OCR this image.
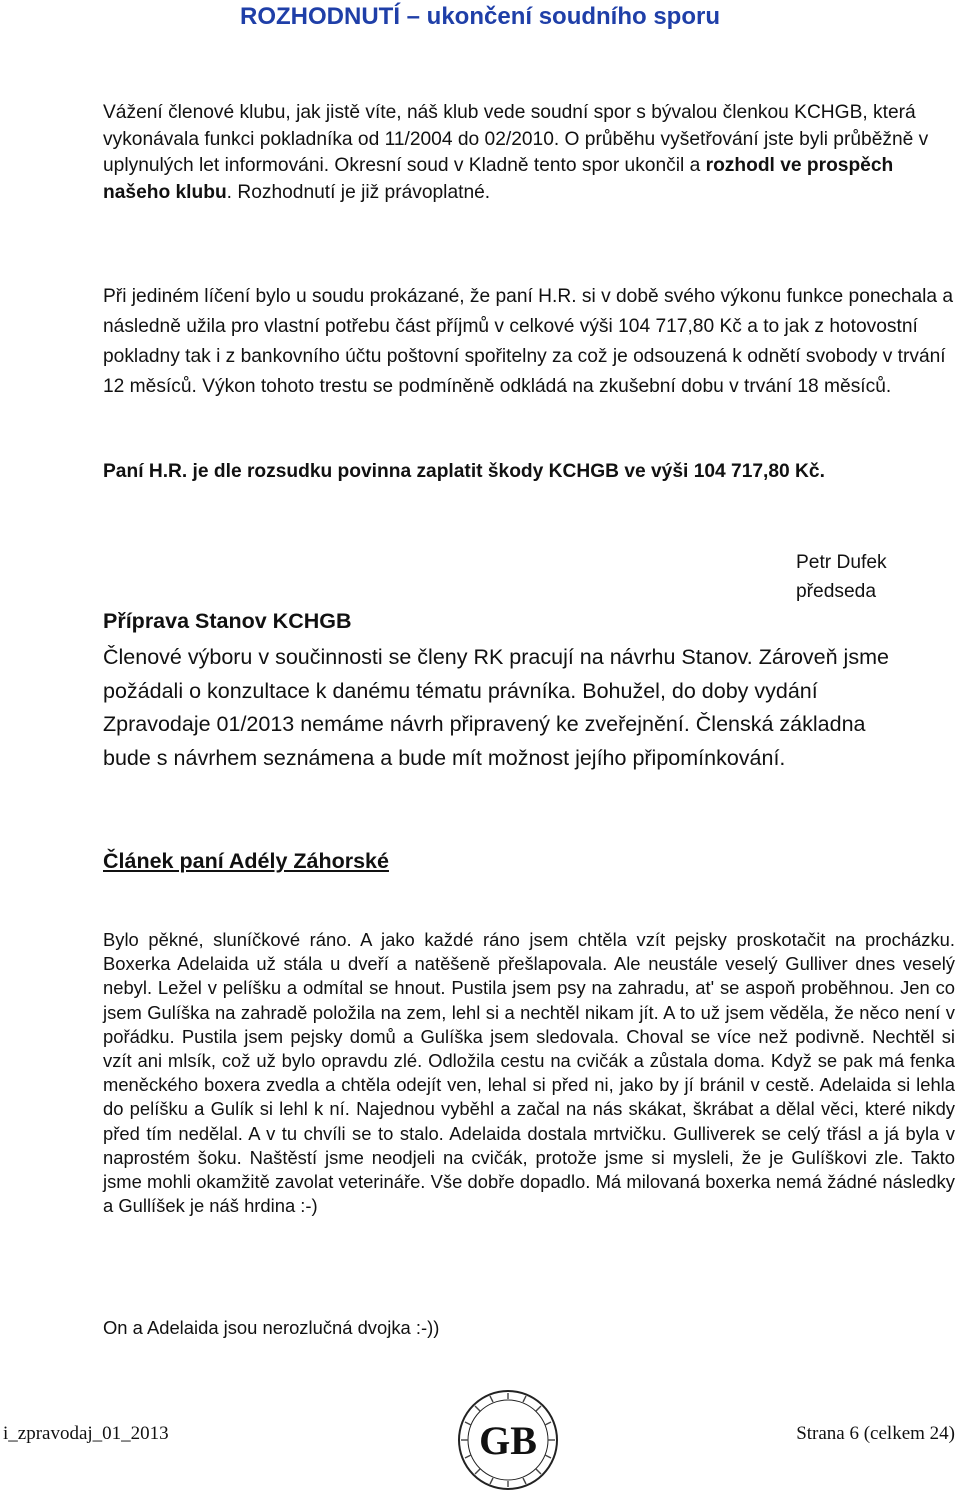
ROZHODNUTÍ – ukončení soudního sporu
Vážení členové klubu, jak jistě víte, náš klub vede soudní spor s bývalou členkou KCHGB, která vykonávala funkci pokladníka od 11/2004 do 02/2010. O průběhu vyšetřování jste byli průběžně v uplynulých let informováni. Okresní soud v Kladně tento spor ukončil a rozhodl ve prospěch našeho klubu. Rozhodnutí je již právoplatné.
Při jediném líčení bylo u soudu prokázané, že paní H.R. si v době svého výkonu funkce ponechala a následně užila pro vlastní potřebu část příjmů v celkové výši 104 717,80 Kč a to jak z hotovostní pokladny tak i z bankovního účtu poštovní spořitelny za což je odsouzená k odnětí svobody v trvání 12 měsíců. Výkon tohoto trestu se podmíněně odkládá na zkušební dobu v trvání 18 měsíců.
Paní H.R. je dle rozsudku povinna zaplatit škody KCHGB ve výši 104 717,80 Kč.
Petr Dufek
předseda
Příprava Stanov KCHGB
Členové výboru v součinnosti se členy RK pracují na návrhu Stanov. Zároveň jsme požádali o konzultace k danému tématu právníka. Bohužel, do doby vydání Zpravodaje 01/2013 nemáme návrh připravený ke zveřejnění. Členská základna bude s návrhem seznámena a bude mít možnost jejího připomínkování.
Článek paní Adély Záhorské
Bylo pěkné, sluníčkové ráno. A jako každé ráno jsem chtěla vzít pejsky proskotačit na procházku. Boxerka Adelaida už stála u dveří a natěšeně přešlapovala. Ale neustále veselý Gulliver dnes veselý nebyl. Ležel v pelíšku a odmítal se hnout. Pustila jsem psy na zahradu, at' se aspoň proběhnou. Jen co jsem Gulíška na zahradě položila na zem, lehl si a nechtěl nikam jít. A to už jsem věděla, že něco není v pořádku. Pustila jsem pejsky domů a Gulíška jsem sledovala. Choval se více než podivně. Nechtěl si vzít ani mlsík, což už bylo opravdu zlé. Odložila cestu na cvičák a zůstala doma. Když se pak má fenka meněckého boxera zvedla a chtěla odejít ven, lehal si před ni, jako by jí bránil v cestě. Adelaida si lehla do pelíšku a Gulík si lehl k ní. Najednou vyběhl a začal na nás skákat, škrábat a dělal věci, které nikdy před tím nedělal. A v tu chvíli se to stalo. Adelaida dostala mrtvičku. Gulliverek se celý třásl a já byla v naprostém šoku. Naštěstí jsme neodjeli na cvičák, protože jsme si mysleli, že je Gulíškovi zle. Takto jsme mohli okamžitě zavolat veterináře. Vše dobře dopadlo. Má milovaná boxerka nemá žádné následky a Gullíšek je náš hrdina :-)
On a Adelaida jsou nerozlučná dvojka :-))
i_zpravodaj_01_2013	Strana 6 (celkem 24)
GB
